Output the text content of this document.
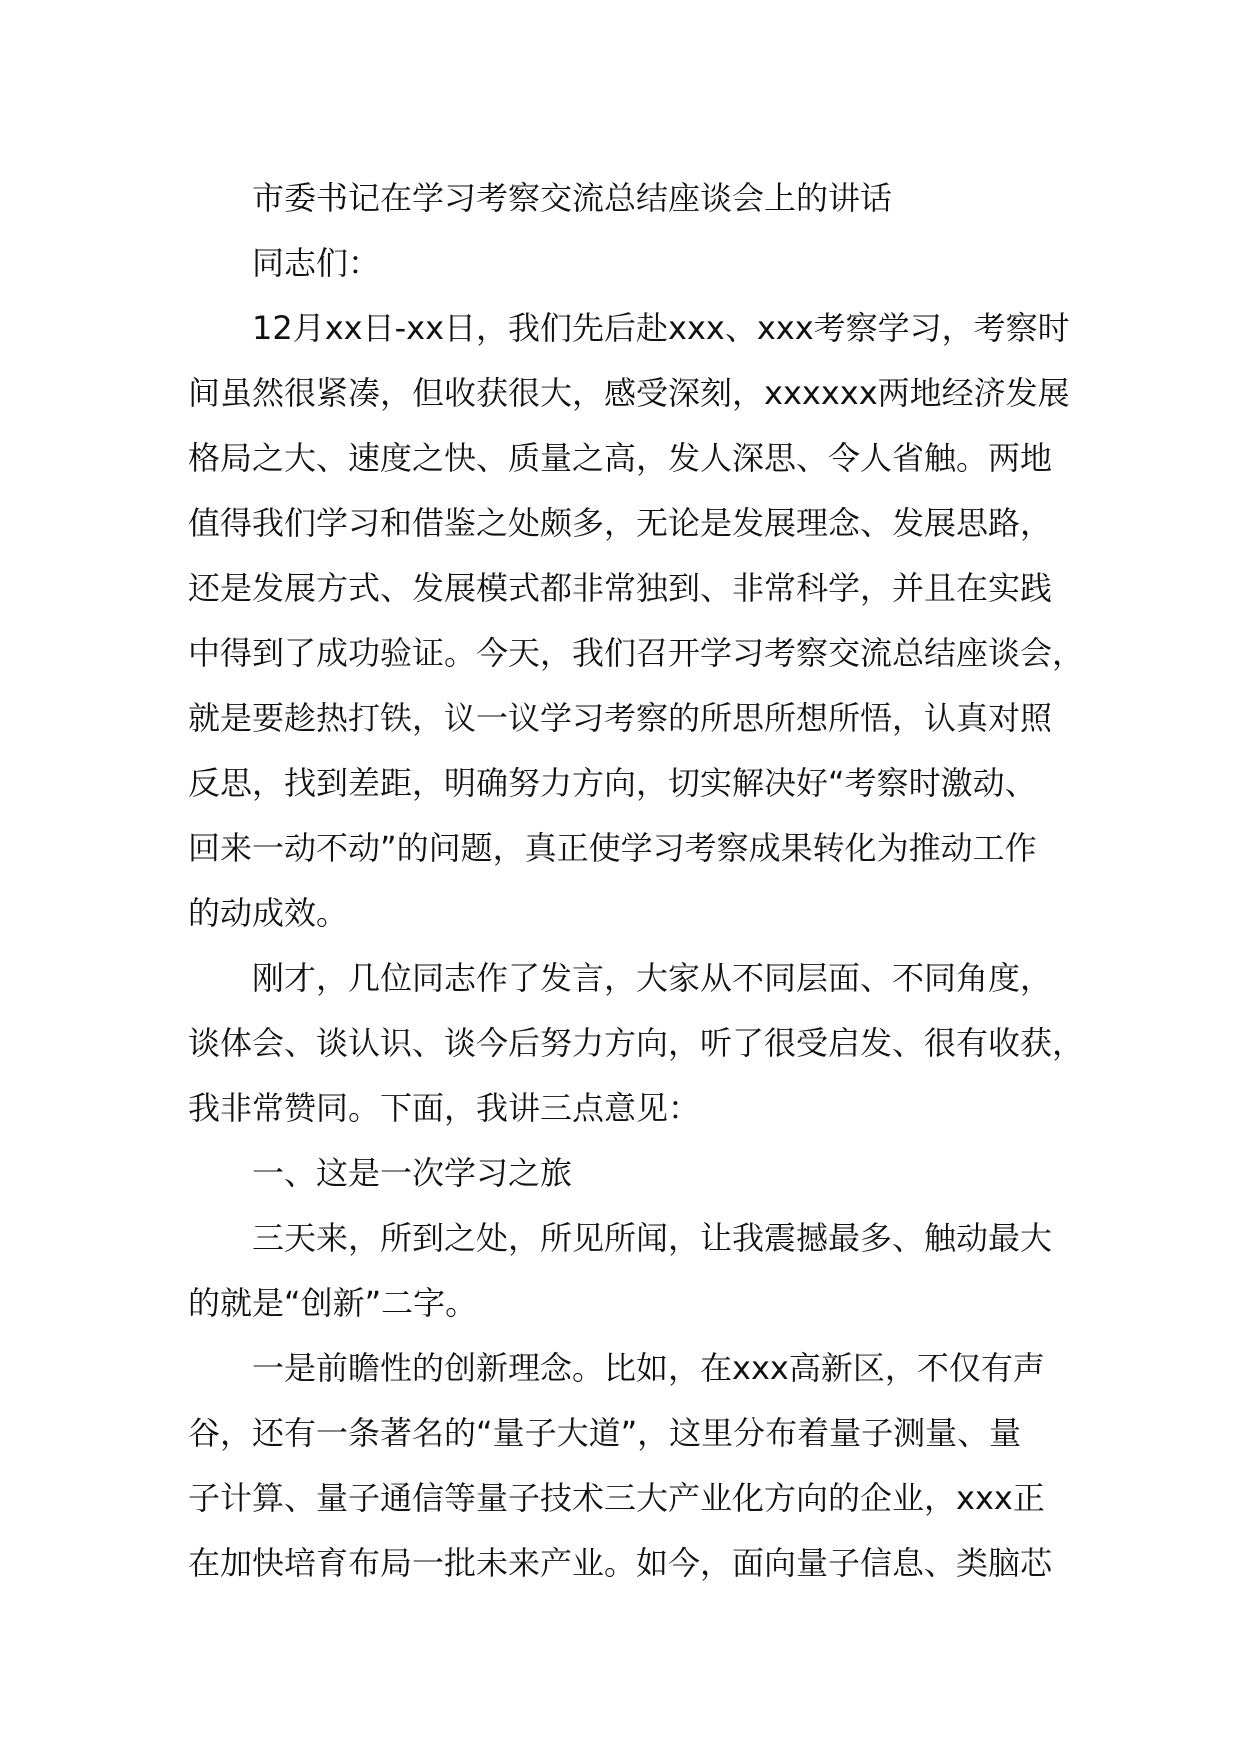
市委书记在学习考察交流总结座谈会上的讲话

同志们：

12月xx日-xx日，我们先后赴xxx、xxx考察学习，考察时
间虽然很紧凑，但收获很大，感受深刻，xxxxxx两地经济发展
格局之大、速度之快、质量之高，发人深思、令人省触。两地
值得我们学习和借鉴之处颇多，无论是发展理念、发展思路，
还是发展方式、发展模式都非常独到、非常科学，并且在实践
中得到了成功验证。今天，我们召开学习考察交流总结座谈会，
就是要趁热打铁，议一议学习考察的所思所想所悟，认真对照
反思，找到差距，明确努力方向，切实解决好“考察时激动、
回来一动不动”的问题，真正使学习考察成果转化为推动工作
的动成效。

刚才，几位同志作了发言，大家从不同层面、不同角度，
谈体会、谈认识、谈今后努力方向，听了很受启发、很有收获，
我非常赞同。下面，我讲三点意见：

一、这是一次学习之旅

三天来，所到之处，所见所闻，让我震撼最多、触动最大
的就是“创新”二字。

一是前瞻性的创新理念。比如，在xxx高新区，不仅有声
谷，还有一条著名的“量子大道”，这里分布着量子测量、量
子计算、量子通信等量子技术三大产业化方向的企业，xxx正
在加快培育布局一批未来产业。如今，面向量子信息、类脑芯
